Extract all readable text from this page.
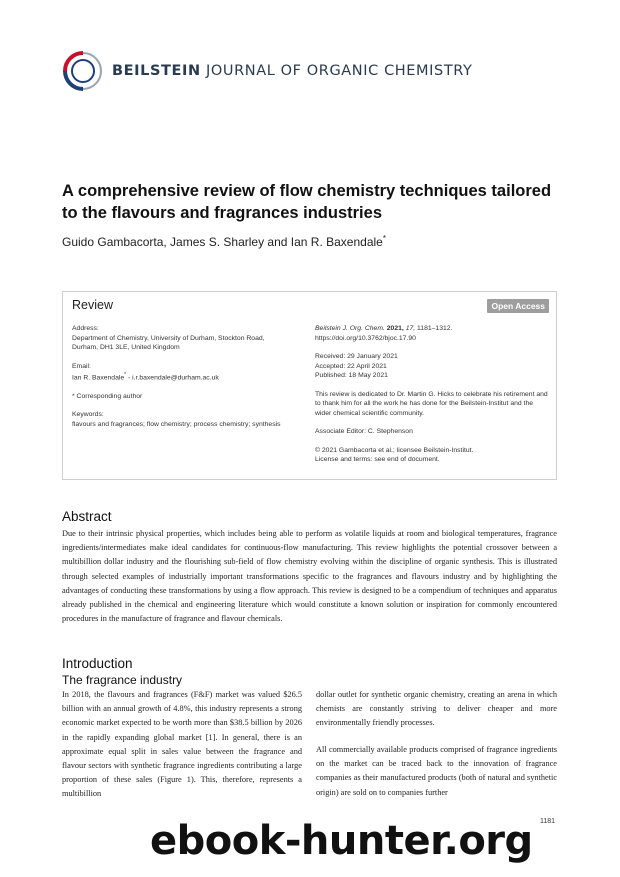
BEILSTEIN JOURNAL OF ORGANIC CHEMISTRY
A comprehensive review of flow chemistry techniques tailored to the flavours and fragrances industries
Guido Gambacorta, James S. Sharley and Ian R. Baxendale*
Review	Open Access

Address:
Department of Chemistry, University of Durham, Stockton Road,
Durham, DH1 3LE, United Kingdom

Email:
Ian R. Baxendale* - i.r.baxendale@durham.ac.uk

* Corresponding author

Keywords:
flavours and fragrances; flow chemistry; process chemistry; synthesis

Beilstein J. Org. Chem. 2021, 17, 1181–1312.
https://doi.org/10.3762/bjoc.17.90

Received: 29 January 2021
Accepted: 22 April 2021
Published: 18 May 2021

This review is dedicated to Dr. Martin G. Hicks to celebrate his retirement and to thank him for all the work he has done for the Beilstein-Institut and the wider chemical scientific community.

Associate Editor: C. Stephenson

© 2021 Gambacorta et al.; licensee Beilstein-Institut.
License and terms: see end of document.

Abstract
Due to their intrinsic physical properties, which includes being able to perform as volatile liquids at room and biological temperatures, fragrance ingredients/intermediates make ideal candidates for continuous-flow manufacturing. This review highlights the potential crossover between a multibillion dollar industry and the flourishing sub-field of flow chemistry evolving within the discipline of organic synthesis. This is illustrated through selected examples of industrially important transformations specific to the fragrances and flavours industry and by highlighting the advantages of conducting these transformations by using a flow approach. This review is designed to be a compendium of techniques and apparatus already published in the chemical and engineering literature which would constitute a known solution or inspiration for commonly encountered procedures in the manufacture of fragrance and flavour chemicals.
Introduction
The fragrance industry
In 2018, the flavours and fragrances (F&F) market was valued $26.5 billion with an annual growth of 4.8%, this industry represents a strong economic market expected to be worth more than $38.5 billion by 2026 in the rapidly expanding global market [1]. In general, there is an approximate equal split in sales value between the fragrance and flavour sectors with synthetic fragrance ingredients contributing a large proportion of these sales (Figure 1). This, therefore, represents a multibillion
dollar outlet for synthetic organic chemistry, creating an arena in which chemists are constantly striving to deliver cheaper and more environmentally friendly processes.
All commercially available products comprised of fragrance ingredients on the market can be traced back to the innovation of fragrance companies as their manufactured products (both of natural and synthetic origin) are sold on to companies further
1181
ebook-hunter.org
